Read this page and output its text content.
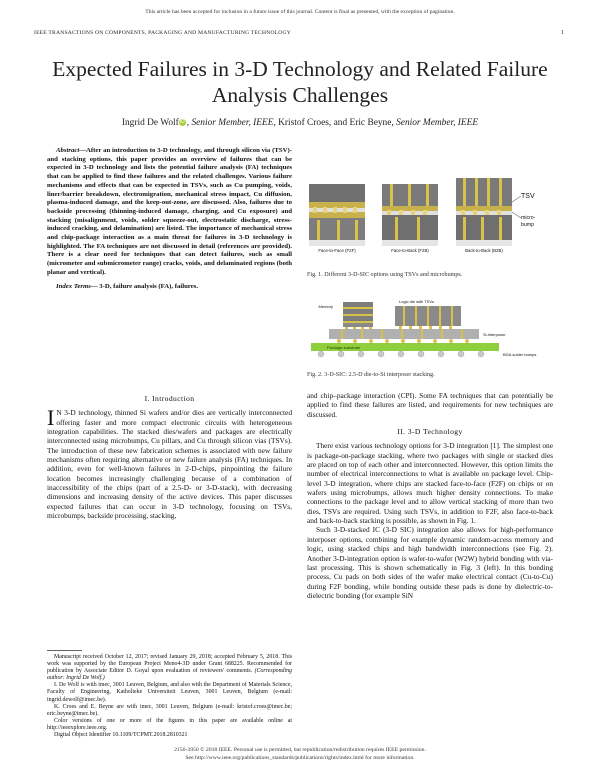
This article has been accepted for inclusion in a future issue of this journal. Content is final as presented, with the exception of pagination.
IEEE TRANSACTIONS ON COMPONENTS, PACKAGING AND MANUFACTURING TECHNOLOGY	1
Expected Failures in 3-D Technology and Related Failure Analysis Challenges
Ingrid De WolfiD , Senior Member, IEEE, Kristof Croes, and Eric Beyne, Senior Member, IEEE

Abstract—After an introduction to 3-D technology, and through silicon via (TSV)- and stacking options, this paper provides an overview of failures that can be expected in 3-D technology and lists the potential failure analysis (FA) techniques that can be applied to find these failures and the related challenges. Various failure mechanisms and effects that can be expected in TSVs, such as Cu pumping, voids, liner/barrier breakdown, electromigration, mechanical stress impact, Cu diffusion, plasma-induced damage, and the keep-out-zone, are discussed. Also, failures due to backside processing (thinning-induced damage, charging, and Cu exposure) and stacking (misalignment, voids, solder squeeze-out, electrostatic discharge, stress-induced cracking, and delamination) are listed. The importance of mechanical stress and chip-package interaction as a main threat for failures in 3-D technology is highlighted. The FA techniques are not discussed in detail (references are provided). There is a clear need for techniques that can detect failures, such as small (micrometer and submicrometer range) cracks, voids, and delaminated regions (both planar and vertical).

Index Terms— 3-D, failure analysis (FA), failures.

I. Introduction

I N 3-D technology, thinned Si wafers and/or dies are vertically interconnected offering faster and more compact electronic circuits with heterogeneous integration capabilities. The stacked dies/wafers and packages are electrically interconnected using microbumps, Cu pillars, and Cu through silicon vias (TSVs). The introduction of these new fabrication schemes is associated with new failure mechanisms often requiring alternative or new failure analysis (FA) techniques. In addition, even for well-known failures in 2-D-chips, pinpointing the failure location becomes increasingly challenging because of a combination of inaccessibility of the chips (part of a 2.5-D- or 3-D-stack), with decreasing dimensions and increasing density of the active devices. This paper discusses expected failures that can occur in 3-D technology, focusing on TSVs, microbumps, backside processing, stacking,

Manuscript received October 12, 2017; revised January 29, 2018; accepted February 5, 2018. This work was supported by the European Project Meno4-3D under Grant 688225. Recommended for publication by Associate Editor D. Goyal upon evaluation of reviewers' comments. (Corresponding author: Ingrid De Wolf.)

I. De Wolf is with imec, 3001 Leuven, Belgium, and also with the Department of Materials Science, Faculty of Engineering, Katholieke Universiteit Leuven, 3001 Leuven, Belgium (e-mail: ingrid.dewolf@imec.be).

K. Croes and E. Beyne are with imec, 3001 Leuven, Belgium (e-mail: kristof.croes@imec.be; eric.beyne@imec.be).

Color versions of one or more of the figures in this paper are available online at http://ieeexplore.ieee.org.

Digital Object Identifier 10.1109/TCPMT.2018.2810321

TSV
micro-
bump
Face-to-Face (F2F)	Face-to-Back (F2B)	Back-to-Back (B2B)
Fig. 1. Different 3-D-SIC options using TSVs and microbumps.
Logic die with TSVs
Memory
Si-interposer
Package substrate
BGA solder bumps
Fig. 2. 3-D-SIC: 2.5-D die-to-Si interposer stacking.

and chip–package interaction (CPI). Some FA techniques that can potentially be applied to find these failures are listed, and requirements for new techniques are discussed.

II. 3-D Technology

There exist various technology options for 3-D integration [1]. The simplest one is package-on-package stacking, where two packages with single or stacked dies are placed on top of each other and interconnected. However, this option limits the number of electrical interconnections to what is available on package level. Chip-level 3-D integration, where chips are stacked face-to-face (F2F) on chips or on wafers using microbumps, allows much higher density connections. To make connections to the package level and to allow vertical stacking of more than two dies, TSVs are required. Using such TSVs, in addition to F2F, also face-to-back and back-to-back stacking is possible, as shown in Fig. 1.

Such 3-D-stacked IC (3-D SIC) integration also allows for high-performance interposer options, combining for example dynamic random-access memory and logic, using stacked chips and high bandwidth interconnections (see Fig. 2). Another 3-D-integration option is wafer-to-wafer (W2W) hybrid bonding with via-last processing. This is shown schematically in Fig. 3 (left). In this bonding process, Cu pads on both sides of the wafer make electrical contact (Cu-to-Cu) during F2F bonding, while bonding outside these pads is done by dielectric-to-dielectric bonding (for example SiN

2156-3950 © 2018 IEEE. Personal use is permitted, but republication/redistribution requires IEEE permission.
See http://www.ieee.org/publications_standards/publications/rights/index.html for more information.
